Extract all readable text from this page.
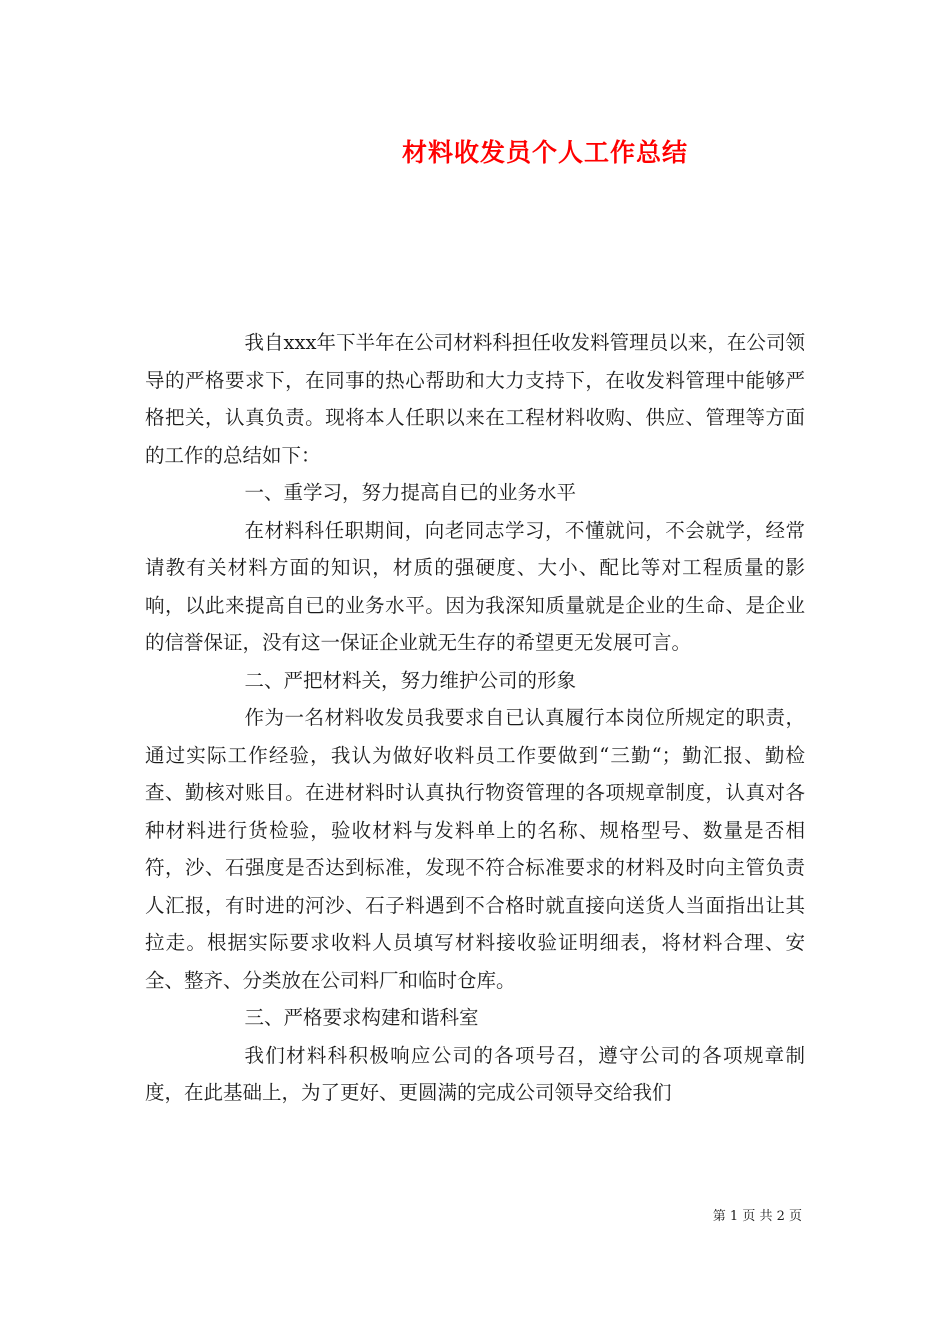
材料收发员个人工作总结

我自xxx年下半年在公司材料科担任收发料管理员以来，在公司领导的严格要求下，在同事的热心帮助和大力支持下，在收发料管理中能够严格把关，认真负责。现将本人任职以来在工程材料收购、供应、管理等方面的工作的总结如下：

一、重学习，努力提高自已的业务水平

在材料科任职期间，向老同志学习，不懂就问，不会就学，经常请教有关材料方面的知识，材质的强硬度、大小、配比等对工程质量的影响，以此来提高自已的业务水平。因为我深知质量就是企业的生命、是企业的信誉保证，没有这一保证企业就无生存的希望更无发展可言。

二、严把材料关，努力维护公司的形象

作为一名材料收发员我要求自已认真履行本岗位所规定的职责，通过实际工作经验，我认为做好收料员工作要做到“三勤“；勤汇报、勤检查、勤核对账目。在进材料时认真执行物资管理的各项规章制度，认真对各种材料进行货检验，验收材料与发料单上的名称、规格型号、数量是否相符，沙、石强度是否达到标准，发现不符合标准要求的材料及时向主管负责人汇报，有时进的河沙、石子料遇到不合格时就直接向送货人当面指出让其拉走。根据实际要求收料人员填写材料接收验证明细表，将材料合理、安全、整齐、分类放在公司料厂和临时仓库。

三、严格要求构建和谐科室

我们材料科积极响应公司的各项号召，遵守公司的各项规章制度，在此基础上，为了更好、更圆满的完成公司领导交给我们

第 1 页 共 2 页
